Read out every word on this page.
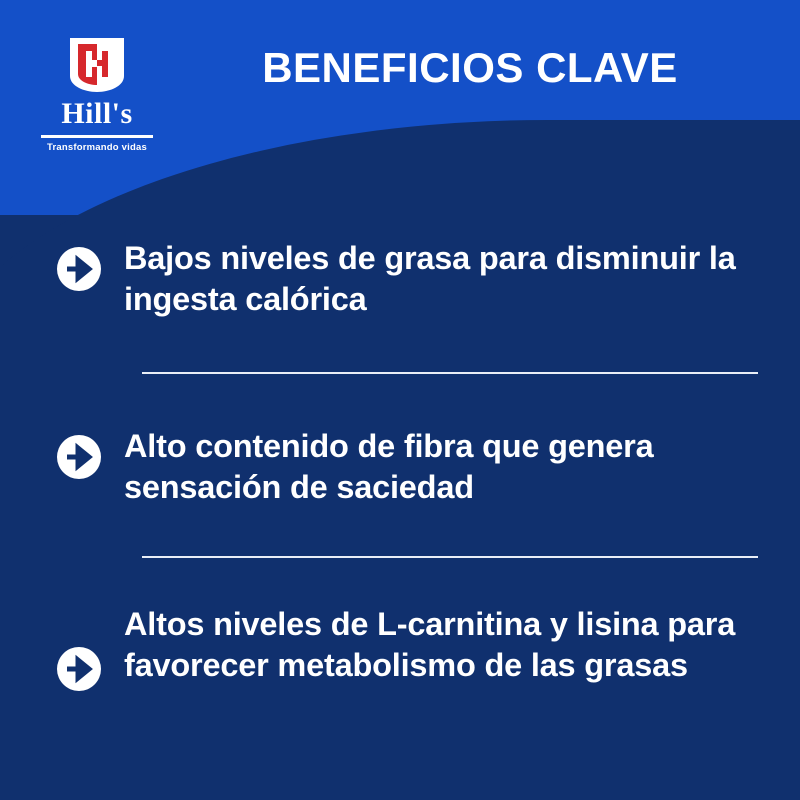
Hill's
Transformando vidas
BENEFICIOS CLAVE
Bajos niveles de grasa para disminuir la ingesta calórica
Alto contenido de fibra que genera sensación de saciedad
Altos niveles de L-carnitina y lisina para favorecer metabolismo de las grasas
